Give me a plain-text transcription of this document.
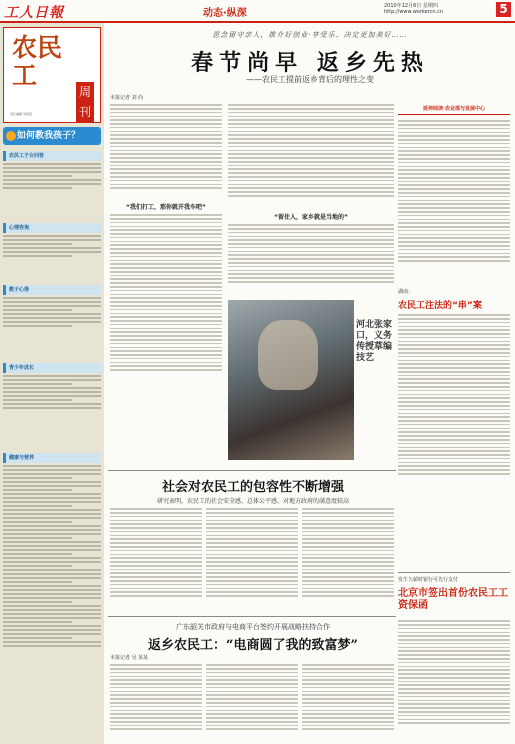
工人日報	动态·纵深
2010年12月6日 星期四
http://www.workercn.cn	5
农民工
周刊
责任编辑 刘某某
如何教我孩子？
农民工子女问答
心理咨询
教子心得
青少年成长
健康与营养
思念留守亲人，推介好创业·享受乐、决定更加美好……
春节尚早 返乡先热
——农民工提前返乡背后的理性之变
本报记者 刘 尚
“我们打工，那你就开我车吧”
“留住人，家乡就是当地的”
河北张家口，义务传授草编技艺
延伸阅读·农业部与发展中心
湖南：
农民工注法的“串”案
发生欠薪时银行可先行支付
北京市签出首份农民工工资保函
社会对农民工的包容性不断增强
研究表明，农民工的社会安全感、总体公平感、对地方政府的满意度较高
广东韶关市政府与电商平台签约开展战略扶持合作
返乡农民工：“电商圆了我的致富梦”
本报记者 吴 某某
